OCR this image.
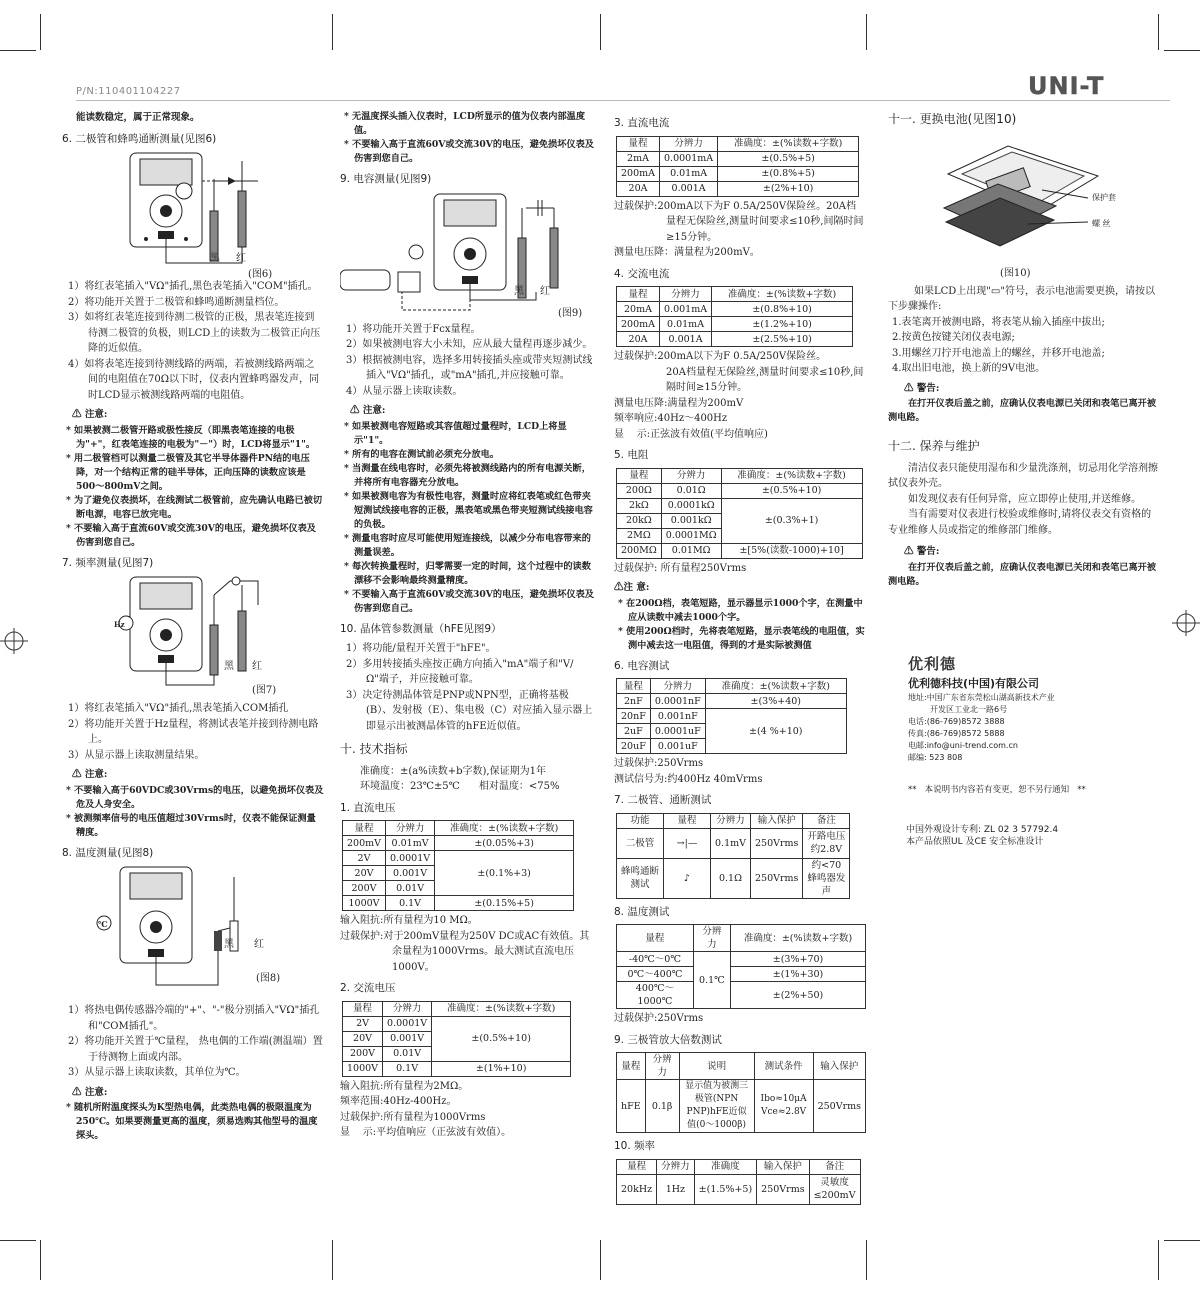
P/N:110401104227	UNI-T

能读数稳定，属于正常现象。

6. 二极管和蜂鸣通断测量(见图6)
黑 红
(图6)

1）将红表笔插入"VΩ"插孔,黑色表笔插入"COM"插孔。

2）将功能开关置于二极管和蜂鸣通断测量档位。

3）如将红表笔连接到待测二极管的正极，黑表笔连接到待测二极管的负极，则LCD上的读数为二极管正向压降的近似值。

4）如将表笔连接到待测线路的两端，若被测线路两端之间的电阻值在70Ω以下时，仪表内置蜂鸣器发声，同时LCD显示被测线路两端的电阻值。

⚠ 注意:

* 如果被测二极管开路或极性接反（即黑表笔连接的电极为"+"，红表笔连接的电极为"－"）时，LCD将显示"1"。

* 用二极管档可以测量二极管及其它半导体器件PN结的电压降，对一个结构正常的硅半导体，正向压降的读数应该是500～800mV之间。

* 为了避免仪表损坏，在线测试二极管前，应先确认电路已被切断电源，电容已放完电。

* 不要输入高于直流60V或交流30V的电压，避免损坏仪表及伤害到您自己。

7. 频率测量(见图7)
Hz
黑 红
(图7)

1）将红表笔插入"VΩ"插孔,黑表笔插入COM插孔

2）将功能开关置于Hz量程，将测试表笔并接到待测电路上。

3）从显示器上读取测量结果。

⚠ 注意:

* 不要输入高于60VDC或30Vrms的电压，以避免损坏仪表及危及人身安全。

* 被测频率信号的电压值超过30Vrms时，仪表不能保证测量精度。

8. 温度测量(见图8)
℃
黑 红
(图8)

1）将热电偶传感器冷端的"+"、"-"极分别插入"VΩ"插孔和"COM插孔"。

2）将功能开关置于℃量程， 热电偶的工作端(测温端）置于待测物上面或内部。

3）从显示器上读取读数，其单位为℃。

⚠ 注意:

* 随机所附温度探头为K型热电偶，此类热电偶的极限温度为250℃。如果要测量更高的温度，须易选购其他型号的温度探头。

* 无温度探头插入仪表时，LCD所显示的值为仪表内部温度值。

* 不要输入高于直流60V或交流30V的电压，避免损坏仪表及伤害到您自己。

9. 电容测量(见图9)
黑 红
(图9)

1）将功能开关置于Fcx量程。

2）如果被测电容大小未知，应从最大量程再逐步减少。

3）根据被测电容，选择多用转接插头座或带夹短测试线插入"VΩ"插孔，或"mA"插孔,并应接触可靠。

4）从显示器上读取读数。

⚠ 注意:

* 如果被测电容短路或其容值超过量程时，LCD上将显示"1"。

* 所有的电容在测试前必须充分放电。

* 当测量在线电容时，必须先将被测线路内的所有电源关断，并将所有电容器充分放电。

* 如果被测电容为有极性电容，测量时应将红表笔或红色带夹短测试线接电容的正极，黑表笔或黑色带夹短测试线接电容的负极。

* 测量电容时应尽可能使用短连接线，以减少分布电容带来的测量误差。

* 每次转换量程时，归零需要一定的时间，这个过程中的读数漂移不会影响最终测量精度。

* 不要输入高于直流60V或交流30V的电压，避免损坏仪表及伤害到您自己。

10. 晶体管参数测量（hFE见图9）

1）将功能/量程开关置于"hFE"。

2）多用转接插头座按正确方向插入"mA"端子和"V/Ω"端子，并应接触可靠。

3）决定待测晶体管是PNP或NPN型，正确将基极(B）、发射极（E）、集电极（C）对应插入显示器上即显示出被测晶体管的hFE近似值。

十. 技术指标

准确度：±(a%读数+b字数),保证期为1年

环境温度：23℃±5℃      相对温度：<75%

1. 直流电压
量程	分辨力	准确度：±(%读数+字数)
200mV	0.01mV	±(0.05%+3)
2V	0.0001V	±(0.1%+3)
20V	0.001V	
200V	0.01V	
1000V	0.1V	±(0.15%+5)

输入阻抗:所有量程为10 MΩ。

过载保护:对于200mV量程为250V DC或AC有效值。其余量程为1000Vrms。最大测试直流电压1000V。

2. 交流电压
量程	分辨力	准确度：±(%读数+字数)
2V	0.0001V	±(0.5%+10)
20V	0.001V	
200V	0.01V	
1000V	0.1V	±(1%+10)

输入阻抗:所有量程为2MΩ。

频率范围:40Hz-400Hz。

过载保护:所有量程为1000Vrms

显    示:平均值响应（正弦波有效值）。

3. 直流电流
量程	分辨力	准确度：±(%读数+字数)
2mA	0.0001mA	±(0.5%+5)
200mA	0.01mA	±(0.8%+5)
20A	0.001A	±(2%+10)

过载保护:200mA以下为F 0.5A/250V保险丝。20A档量程无保险丝,测量时间要求≤10秒,间隔时间≥15分钟。

测量电压降：满量程为200mV。

4. 交流电流
量程	分辨力	准确度：±(%读数+字数)
20mA	0.001mA	±(0.8%+10)
200mA	0.01mA	±(1.2%+10)
20A	0.001A	±(2.5%+10)

过载保护:200mA以下为F 0.5A/250V保险丝。

20A档量程无保险丝,测量时间要求≤10秒,间隔时间≥15分钟。

测量电压降:满量程为200mV

频率响应:40Hz～400Hz

显    示:正弦波有效值(平均值响应)

5. 电阻
量程	分辨力	准确度：±(%读数+字数)
200Ω	0.01Ω	±(0.5%+10)
2kΩ	0.0001kΩ	±(0.3%+1)
20kΩ	0.001kΩ	
2MΩ	0.0001MΩ	
200MΩ	0.01MΩ	±[5%(读数-1000)+10]

过载保护: 所有量程250Vrms

⚠注 意:

* 在200Ω档，表笔短路，显示器显示1000个字，在测量中应从读数中减去1000个字。

* 使用200Ω档时，先将表笔短路，显示表笔线的电阻值，实测中减去这一电阻值，得到的才是实际被测值

6. 电容测试
量程	分辨力	准确度：±(%读数+字数)
2nF	0.0001nF	±(3%+40)
20nF	0.001nF	±(4 %+10)
2uF	0.0001uF	
20uF	0.001uF	

过载保护:250Vrms

测试信号为:约400Hz 40mVrms

7. 二极管、通断测试
功能	量程	分辨力	输入保护	备注
二极管	→|—	0.1mV	250Vrms	开路电压约2.8V
蜂鸣通断测试	♪	0.1Ω	250Vrms	约<70蜂鸣器发声
8. 温度测试
量程	分辨力	准确度：±(%读数+字数)
-40℃～0℃	0.1℃	±(3%+70)
0℃～400℃		±(1%+30)
400℃～1000℃		±(2%+50)

过载保护:250Vrms

9. 三极管放大倍数测试
量程	分辨力	说明	测试条件	输入保护
hFE	0.1β	显示值为被测三极管(NPN PNP)hFE近似值(0～1000β)	Ibo≈10μA Vce≈2.8V	250Vrms
10. 频率
量程	分辨力	准确度	输入保护	备注
20kHz	1Hz	±(1.5%+5)	250Vrms	灵敏度≤200mV
十一. 更换电池(见图10)
保护套
螺 丝
(图10)

如果LCD上出现"▭"符号，表示电池需要更换，请按以下步骤操作:

1.表笔离开被测电路，将表笔从输入插座中拔出;

2.按黄色按键关闭仪表电源;

3.用螺丝刀拧开电池盖上的螺丝，并移开电池盖;

4.取出旧电池，换上新的9V电池。

⚠ 警告:

在打开仪表后盖之前，应确认仪表电源已关闭和表笔已离开被测电路。

十二. 保养与维护

清洁仪表只能使用湿布和少量洗涤剂，切忌用化学溶剂擦拭仪表外壳。

如发现仪表有任何异常，应立即停止使用,并送维修。

当有需要对仪表进行校验或维修时,请将仪表交有资格的专业维修人员或指定的维修部门维修。

⚠ 警告:

在打开仪表后盖之前，应确认仪表电源已关闭和表笔已离开被测电路。

优利德
优利德科技(中国)有限公司
地址:中国广东省东莞松山湖高新技术产业
开发区工业北一路6号
电话:(86-769)8572 3888
传真:(86-769)8572 5888
电邮:info@uni-trend.com.cn
邮编: 523 808
**   本说明书内容若有变更，恕不另行通知   **
中国外观设计专利: ZL 02 3 57792.4
本产品依照UL 及CE 安全标准设计
